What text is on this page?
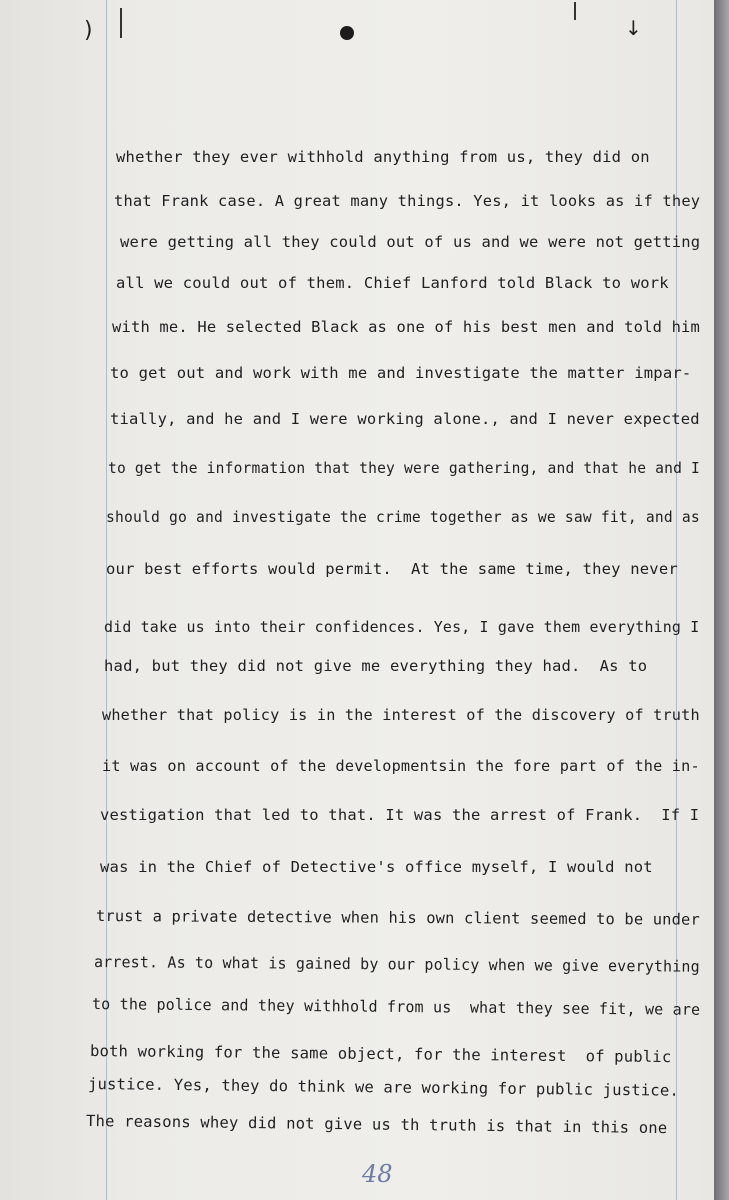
)	↓

whether they ever withhold anything from us, they did on

that Frank case. A great many things. Yes, it looks as if they

were getting all they could out of us and we were not getting

all we could out of them. Chief Lanford told Black to work

with me. He selected Black as one of his best men and told him

to get out and work with me and investigate the matter impar-

tially, and he and I were working alone., and I never expected

to get the information that they were gathering, and that he and I

should go and investigate the crime together as we saw fit, and as

our best efforts would permit.  At the same time, they never

did take us into their confidences. Yes, I gave them everything I

had, but they did not give me everything they had.  As to

whether that policy is in the interest of the discovery of truth

it was on account of the developmentsin the fore part of the in-

vestigation that led to that. It was the arrest of Frank.  If I

was in the Chief of Detective's office myself, I would not

trust a private detective when his own client seemed to be under

arrest. As to what is gained by our policy when we give everything

to the police and they withhold from us  what they see fit, we are

both working for the same object, for the interest  of public

justice. Yes, they do think we are working for public justice.

The reasons whey did not give us th truth is that in this one

48
